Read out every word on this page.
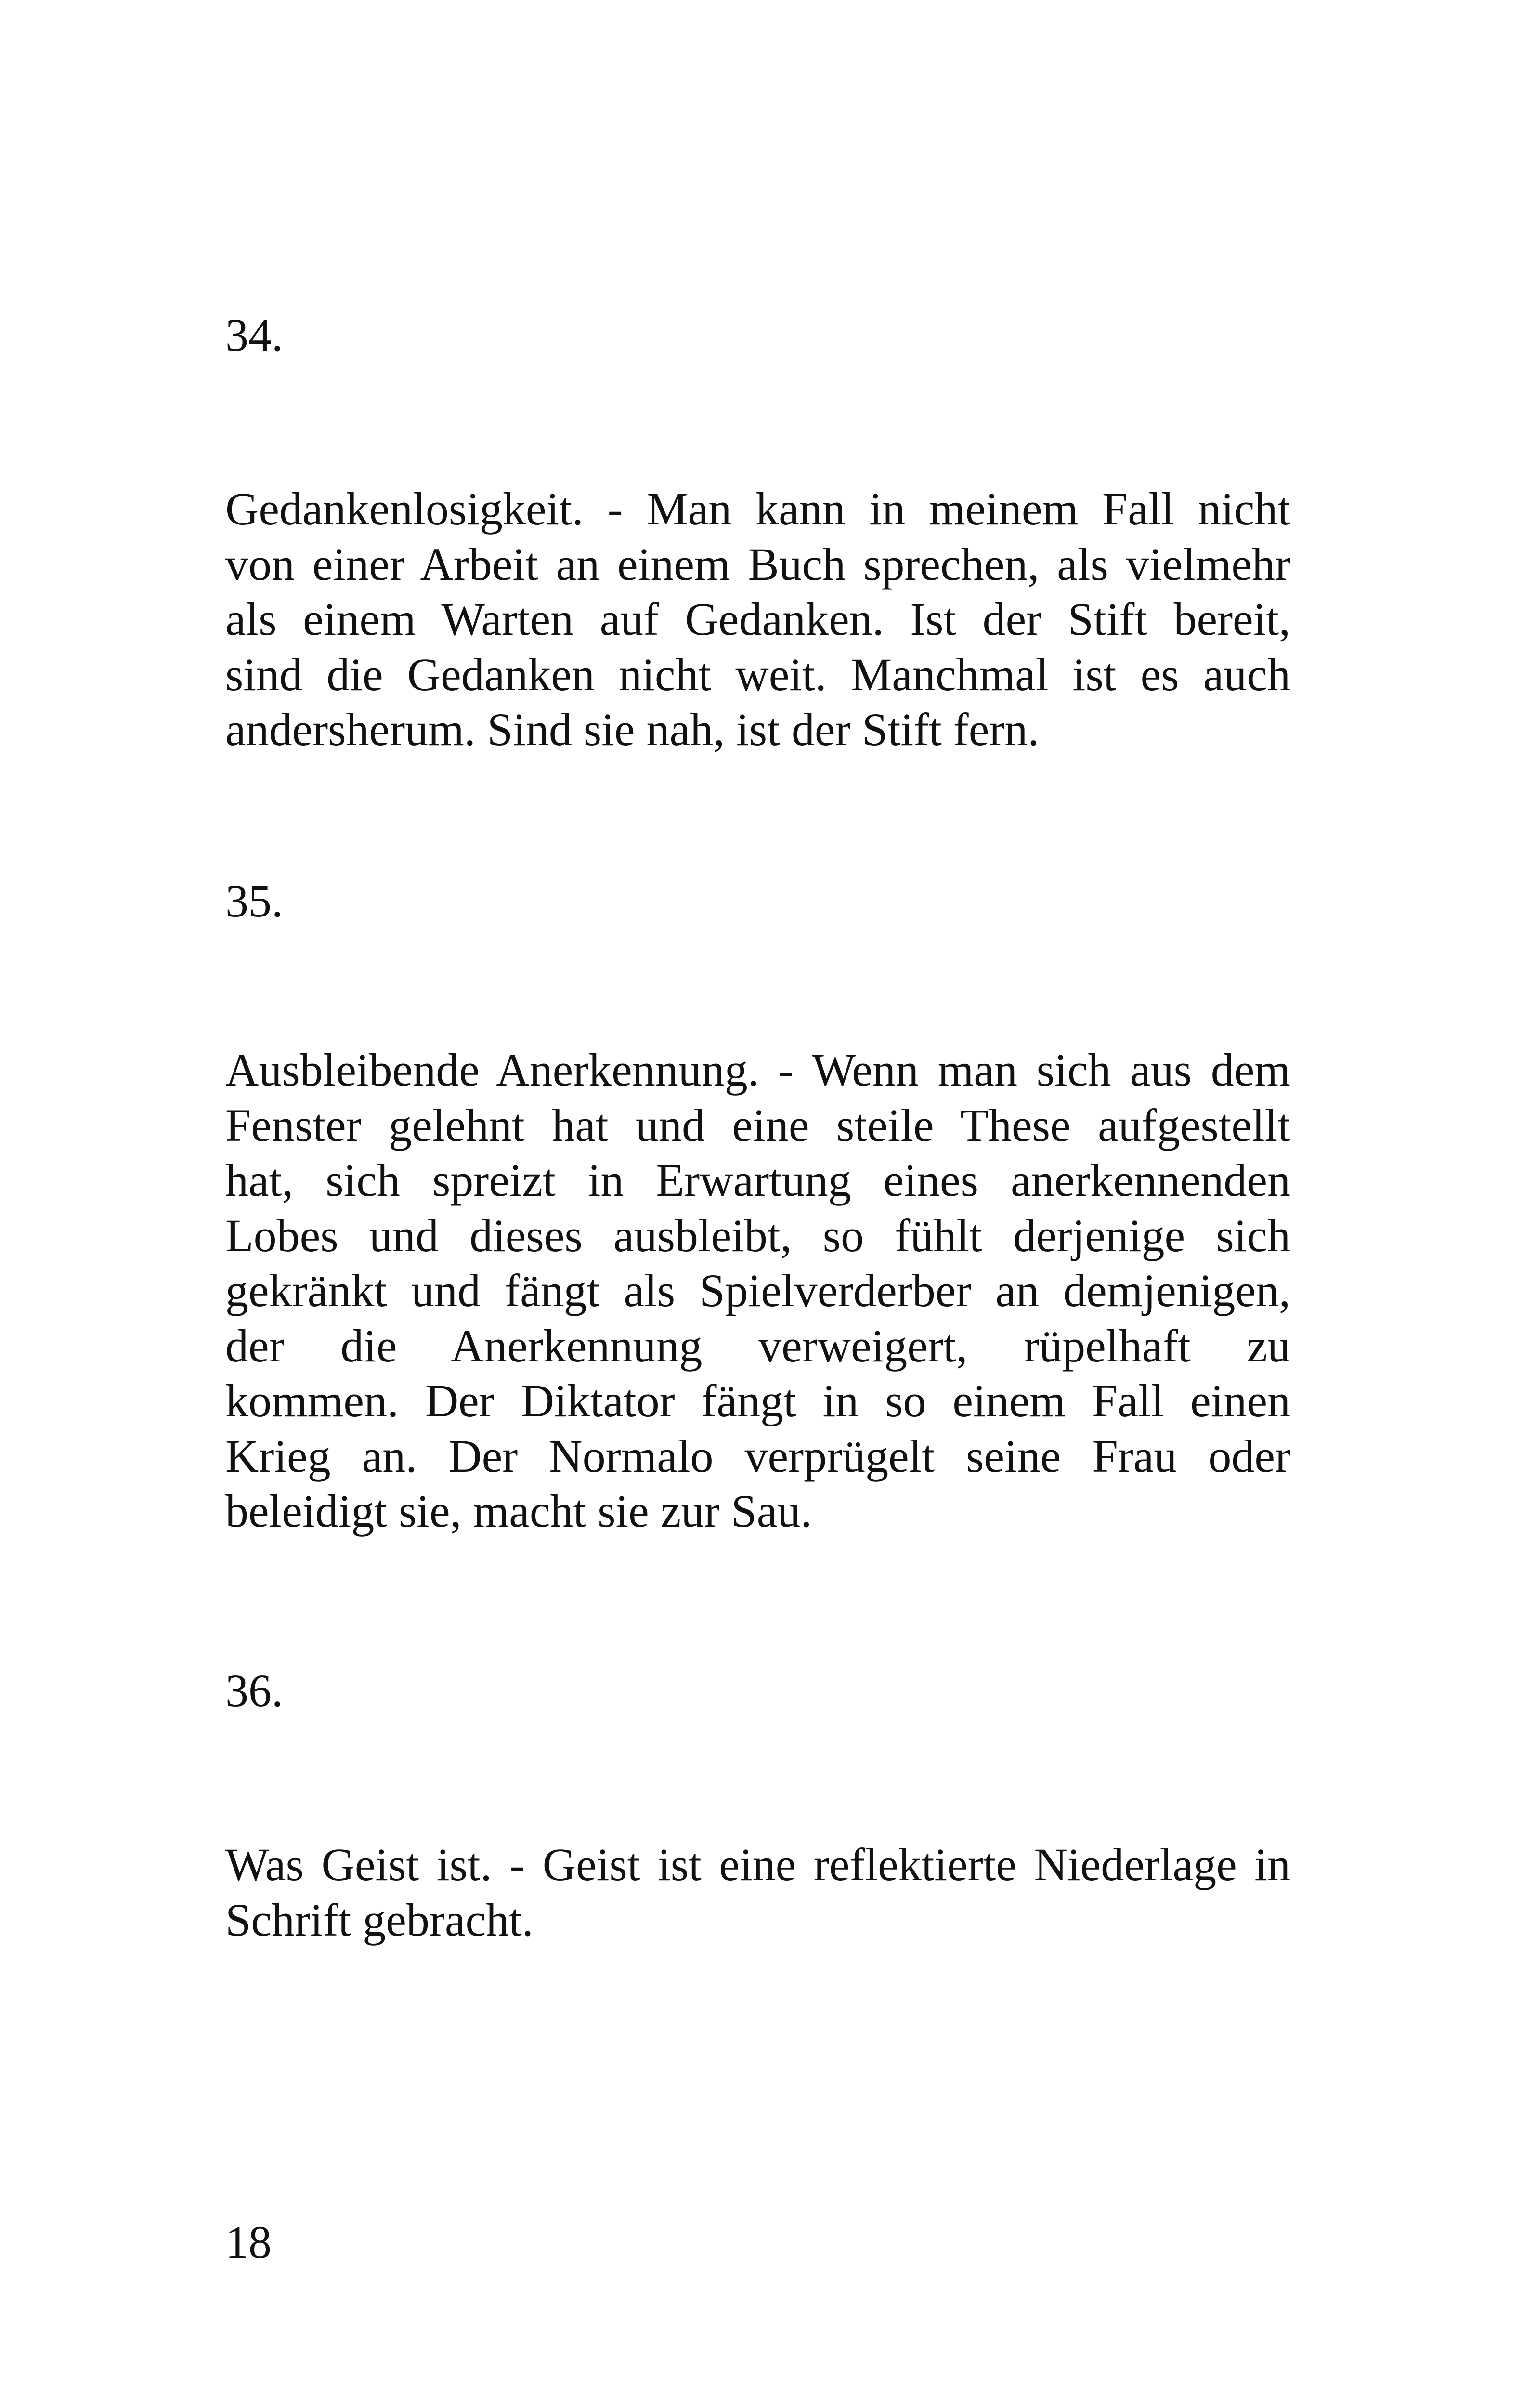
34.

Gedankenlosigkeit. - Man kann in meinem Fall nicht
von einer Arbeit an einem Buch sprechen, als vielmehr
als einem Warten auf Gedanken. Ist der Stift bereit,
sind die Gedanken nicht weit. Manchmal ist es auch
andersherum. Sind sie nah, ist der Stift fern.

35.

Ausbleibende Anerkennung. - Wenn man sich aus dem
Fenster gelehnt hat und eine steile These aufgestellt
hat, sich spreizt in Erwartung eines anerkennenden
Lobes und dieses ausbleibt, so fühlt derjenige sich
gekränkt und fängt als Spielverderber an demjenigen,
der die Anerkennung verweigert, rüpelhaft zu
kommen. Der Diktator fängt in so einem Fall einen
Krieg an. Der Normalo verprügelt seine Frau oder
beleidigt sie, macht sie zur Sau.

36.

Was Geist ist. - Geist ist eine reflektierte Niederlage in
Schrift gebracht.

18
